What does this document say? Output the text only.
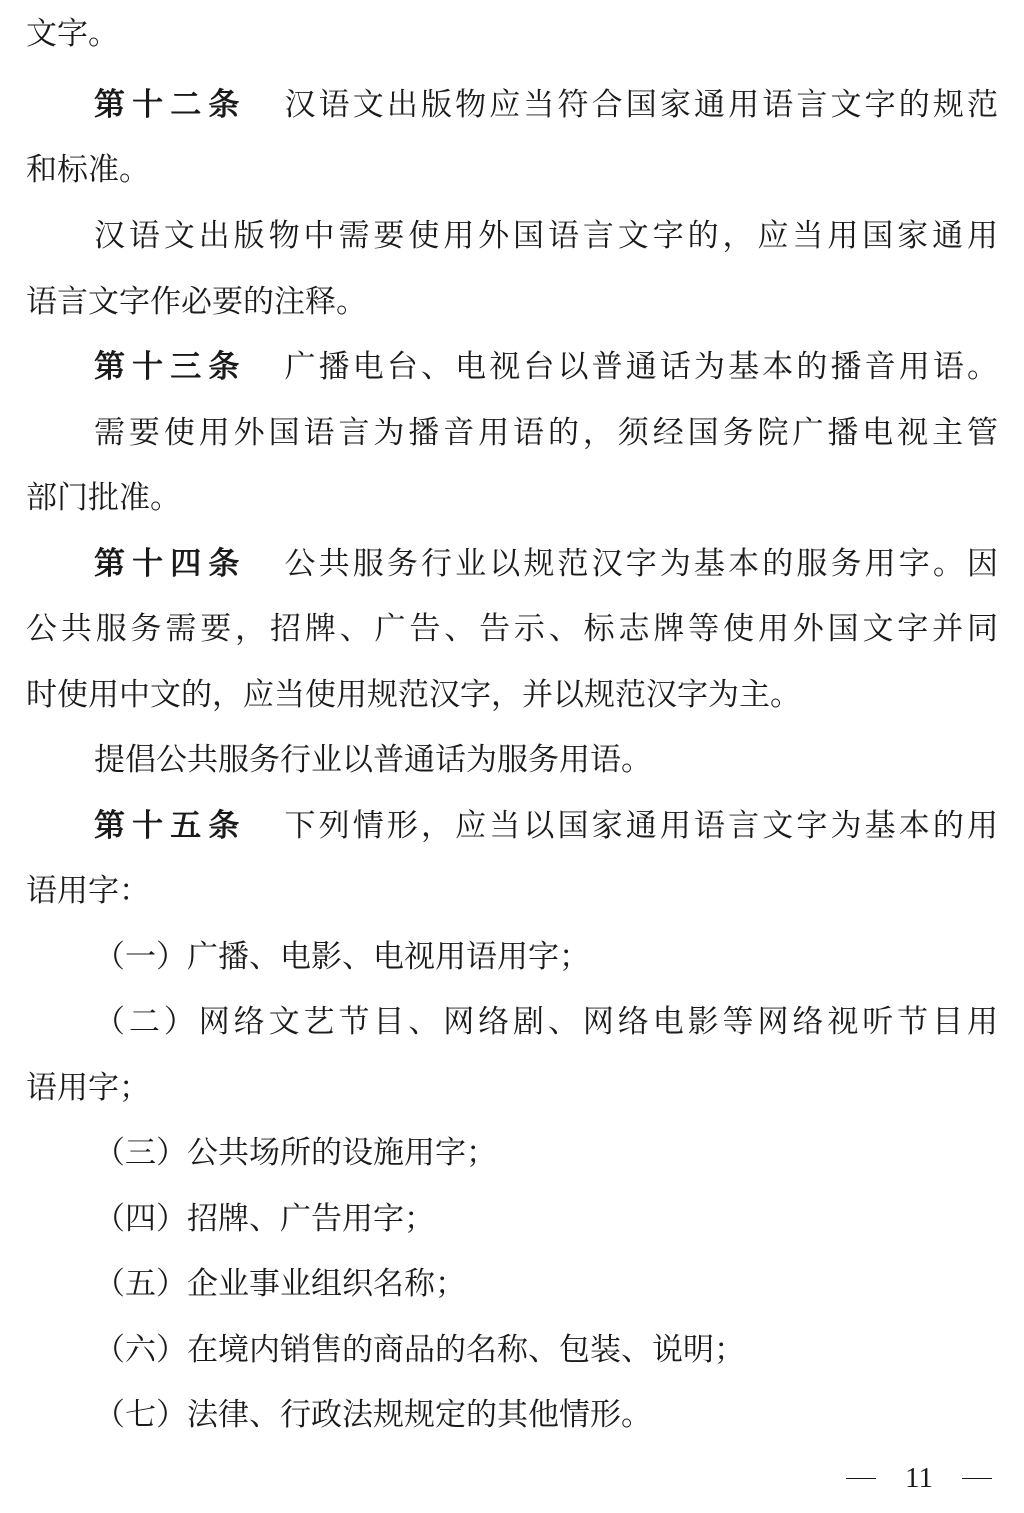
文字。
第十二条 汉语文出版物应当符合国家通用语言文字的规范
和标准。
汉语文出版物中需要使用外国语言文字的，应当用国家通用
语言文字作必要的注释。
第十三条 广播电台、电视台以普通话为基本的播音用语。
需要使用外国语言为播音用语的，须经国务院广播电视主管
部门批准。
第十四条 公共服务行业以规范汉字为基本的服务用字。因
公共服务需要，招牌、广告、告示、标志牌等使用外国文字并同
时使用中文的，应当使用规范汉字，并以规范汉字为主。
提倡公共服务行业以普通话为服务用语。
第十五条 下列情形，应当以国家通用语言文字为基本的用
语用字：
（一）广播、电影、电视用语用字；
（二）网络文艺节目、网络剧、网络电影等网络视听节目用
语用字；
（三）公共场所的设施用字；
（四）招牌、广告用字；
（五）企业事业组织名称；
（六）在境内销售的商品的名称、包装、说明；
（七）法律、行政法规规定的其他情形。
11
